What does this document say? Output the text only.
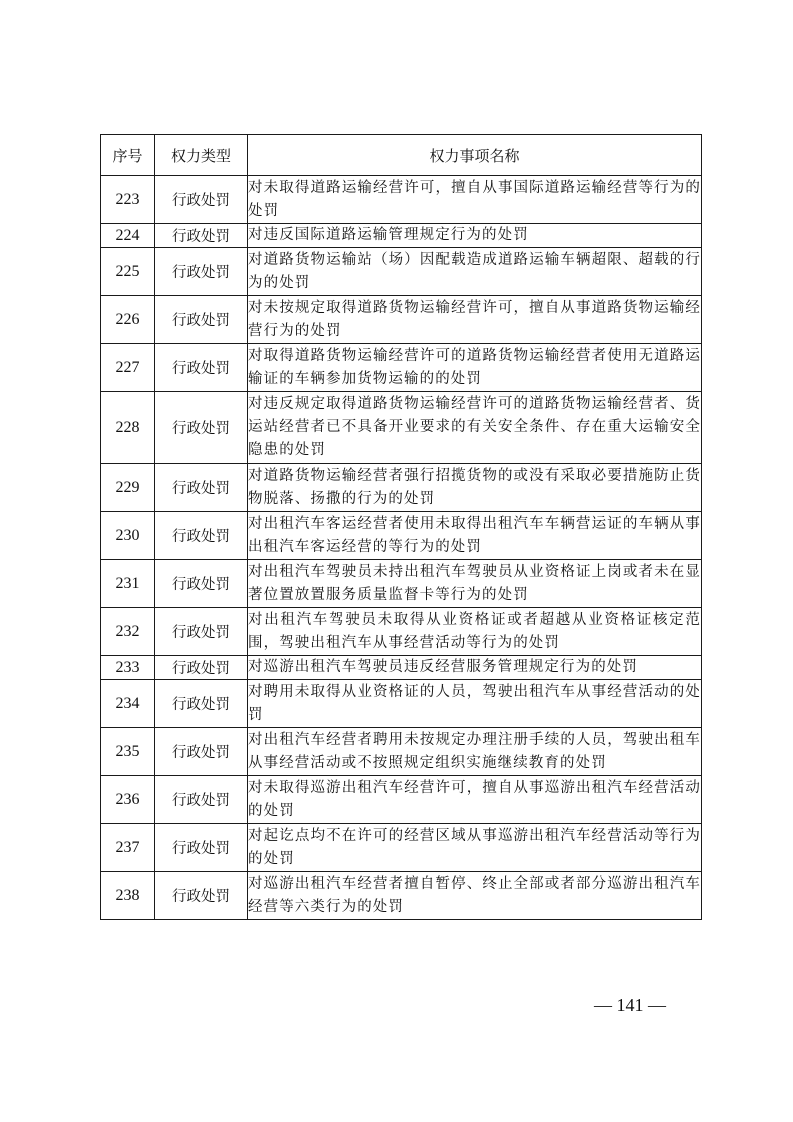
序号	权力类型	权力事项名称
223	行政处罚	对未取得道路运输经营许可，擅自从事国际道路运输经营等行为的处罚
224	行政处罚	对违反国际道路运输管理规定行为的处罚
225	行政处罚	对道路货物运输站（场）因配载造成道路运输车辆超限、超载的行为的处罚
226	行政处罚	对未按规定取得道路货物运输经营许可，擅自从事道路货物运输经营行为的处罚
227	行政处罚	对取得道路货物运输经营许可的道路货物运输经营者使用无道路运输证的车辆参加货物运输的的处罚
228	行政处罚	对违反规定取得道路货物运输经营许可的道路货物运输经营者、货运站经营者已不具备开业要求的有关安全条件、存在重大运输安全隐患的处罚
229	行政处罚	对道路货物运输经营者强行招揽货物的或没有采取必要措施防止货物脱落、扬撒的行为的处罚
230	行政处罚	对出租汽车客运经营者使用未取得出租汽车车辆营运证的车辆从事出租汽车客运经营的等行为的处罚
231	行政处罚	对出租汽车驾驶员未持出租汽车驾驶员从业资格证上岗或者未在显著位置放置服务质量监督卡等行为的处罚
232	行政处罚	对出租汽车驾驶员未取得从业资格证或者超越从业资格证核定范围，驾驶出租汽车从事经营活动等行为的处罚
233	行政处罚	对巡游出租汽车驾驶员违反经营服务管理规定行为的处罚
234	行政处罚	对聘用未取得从业资格证的人员，驾驶出租汽车从事经营活动的处罚
235	行政处罚	对出租汽车经营者聘用未按规定办理注册手续的人员，驾驶出租车从事经营活动或不按照规定组织实施继续教育的处罚
236	行政处罚	对未取得巡游出租汽车经营许可，擅自从事巡游出租汽车经营活动的处罚
237	行政处罚	对起讫点均不在许可的经营区域从事巡游出租汽车经营活动等行为的处罚
238	行政处罚	对巡游出租汽车经营者擅自暂停、终止全部或者部分巡游出租汽车经营等六类行为的处罚
— 141 —
